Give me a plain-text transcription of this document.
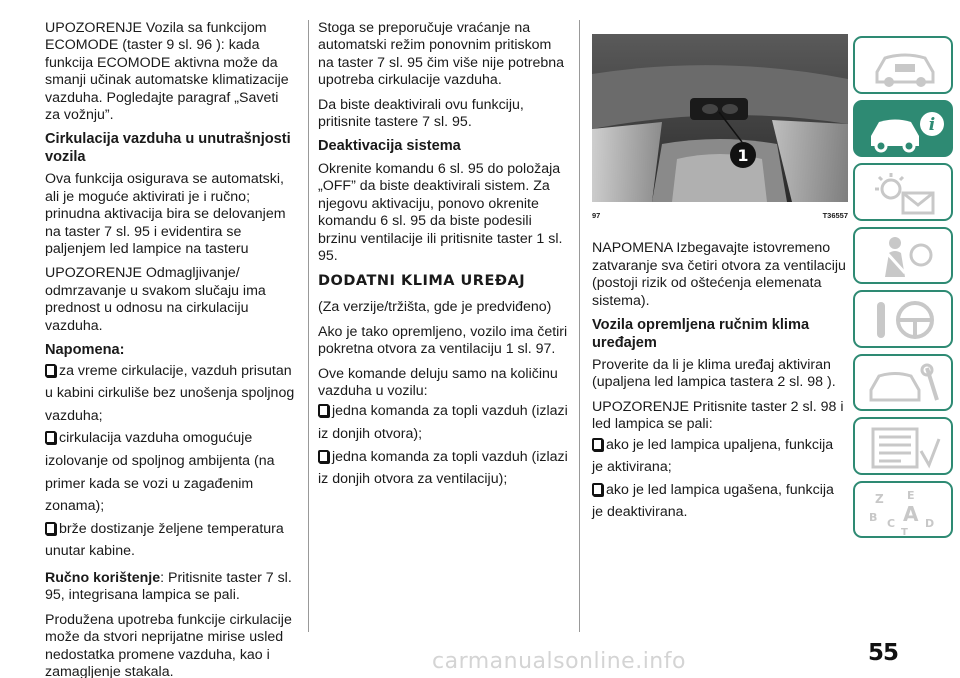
UPOZORENJE Vozila sa funkcijom ECOMODE (taster 9 sl. 96 ): kada funkcija ECOMODE aktivna može da smanji učinak automatske klimatizacije vazduha. Pogledajte paragraf „Saveti za vožnju”.

Cirkulacija vazduha u unutrašnjosti vozila

Ova funkcija osigurava se automatski, ali je moguće aktivirati je i ručno; prinudna aktivacija bira se delovanjem na taster 7 sl. 95 i evidentira se paljenjem led lampice na tasteru

UPOZORENJE Odmagljivanje/ odmrzavanje u svakom slučaju ima prednost u odnosu na cirkulaciju vazduha.

Napomena:

za vreme cirkulacije, vazduh prisutan u kabini cirkuliše bez unošenja spoljnog vazduha;

cirkulacija vazduha omogućuje izolovanje od spoljnog ambijenta (na primer kada se vozi u zagađenim zonama);

brže dostizanje željene temperatura unutar kabine.

Ručno korištenje: Pritisnite taster 7 sl. 95, integrisana lampica se pali.

Produžena upotreba funkcije cirkulacije može da stvori neprijatne mirise usled nedostatka promene vazduha, kao i zamagljenje stakala.

Stoga se preporučuje vraćanje na automatski režim ponovnim pritiskom na taster 7 sl. 95 čim više nije potrebna upotreba cirkulacije vazduha.

Da biste deaktivirali ovu funkciju, pritisnite tastere 7 sl. 95.

Deaktivacija sistema

Okrenite komandu 6 sl. 95 do položaja „OFF” da biste deaktivirali sistem. Za njegovu aktivaciju, ponovo okrenite komandu 6 sl. 95 da biste podesili brzinu ventilacije ili pritisnite taster 1 sl. 95.

DODATNI KLIMA UREĐAJ

(Za verzije/tržišta, gde je predviđeno)

Ako je tako opremljeno, vozilo ima četiri pokretna otvora za ventilaciju 1 sl. 97.

Ove komande deluju samo na količinu vazduha u vozilu:

jedna komanda za topli vazduh (izlazi iz donjih otvora);

jedna komanda za topli vazduh (izlazi iz donjih otvora za ventilaciju);

1
97	T36557

NAPOMENA Izbegavajte istovremeno zatvaranje sva četiri otvora za ventilaciju (postoji rizik od oštećenja elemenata sistema).

Vozila opremljena ručnim klima uređajem

Proverite da li je klima uređaj aktiviran (upaljena led lampica tastera 2 sl. 98 ).

UPOZORENJE Pritisnite taster 2 sl. 98 i led lampica se pali:

ako je led lampica upaljena, funkcija je aktivirana;

ako je led lampica ugašena, funkcija je deaktivirana.

i
Z E
B C A D
T
55
carmanualsonline.info
